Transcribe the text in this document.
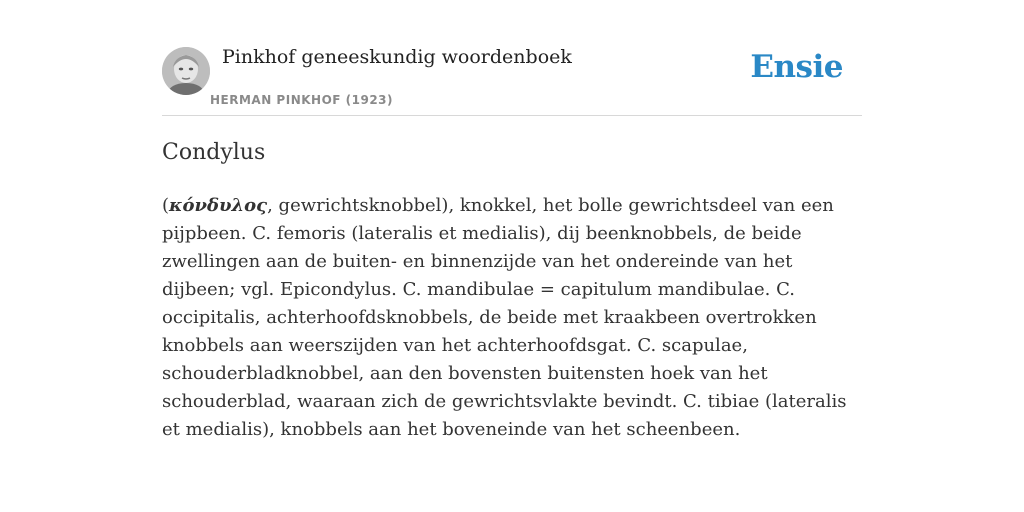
Pinkhof geneeskundig woordenboek
HERMAN PINKHOF (1923)
Ensie
Condylus

(κόνδυλος, gewrichtsknobbel), knokkel, het bolle gewrichtsdeel van een pijpbeen. C. femoris (lateralis et medialis), dij beenknobbels, de beide zwellingen aan de buiten- en binnenzijde van het ondereinde van het dijbeen; vgl. Epicondylus. C. mandibulae = capitulum mandibulae. C. occipitalis, achterhoofdsknobbels, de beide met kraakbeen overtrokken knobbels aan weerszijden van het achterhoofdsgat. C. scapulae, schouderbladknobbel, aan den bovensten buitensten hoek van het schouderblad, waaraan zich de gewrichtsvlakte bevindt. C. tibiae (lateralis et medialis), knobbels aan het boveneinde van het scheenbeen.
